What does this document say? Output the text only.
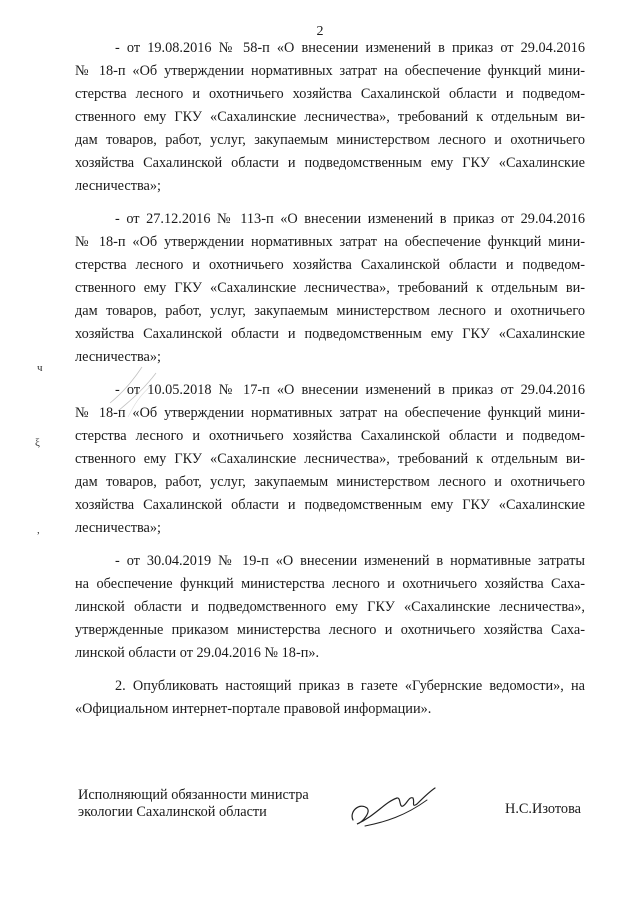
2
- от 19.08.2016 № 58-п «О внесении изменений в приказ от 29.04.2016
№ 18-п «Об утверждении нормативных затрат на обеспечение функций мини-
стерства лесного и охотничьего хозяйства Сахалинской области и подведом-
ственного ему ГКУ «Сахалинские лесничества», требований к отдельным ви-
дам товаров, работ, услуг, закупаемым министерством лесного и охотничьего
хозяйства Сахалинской области и подведомственным ему ГКУ «Сахалинские
лесничества»;
- от 27.12.2016 № 113-п «О внесении изменений в приказ от 29.04.2016
№ 18-п «Об утверждении нормативных затрат на обеспечение функций мини-
стерства лесного и охотничьего хозяйства Сахалинской области и подведом-
ственного ему ГКУ «Сахалинские лесничества», требований к отдельным ви-
дам товаров, работ, услуг, закупаемым министерством лесного и охотничьего
хозяйства Сахалинской области и подведомственным ему ГКУ «Сахалинские
лесничества»;
- от 10.05.2018 № 17-п «О внесении изменений в приказ от 29.04.2016
№ 18-п «Об утверждении нормативных затрат на обеспечение функций мини-
стерства лесного и охотничьего хозяйства Сахалинской области и подведом-
ственного ему ГКУ «Сахалинские лесничества», требований к отдельным ви-
дам товаров, работ, услуг, закупаемым министерством лесного и охотничьего
хозяйства Сахалинской области и подведомственным ему ГКУ «Сахалинские
лесничества»;
- от 30.04.2019 № 19-п «О внесении изменений в нормативные затраты
на обеспечение функций министерства лесного и охотничьего хозяйства Саха-
линской области и подведомственного ему ГКУ «Сахалинские лесничества»,
утвержденные приказом министерства лесного и охотничьего хозяйства Саха-
линской области от 29.04.2016 № 18-п».
2. Опубликовать настоящий приказ в газете «Губернские ведомости», на
«Официальном интернет-портале правовой информации».
ч
ξ
,
Исполняющий обязанности министра
экологии Сахалинской области	Н.С.Изотова
